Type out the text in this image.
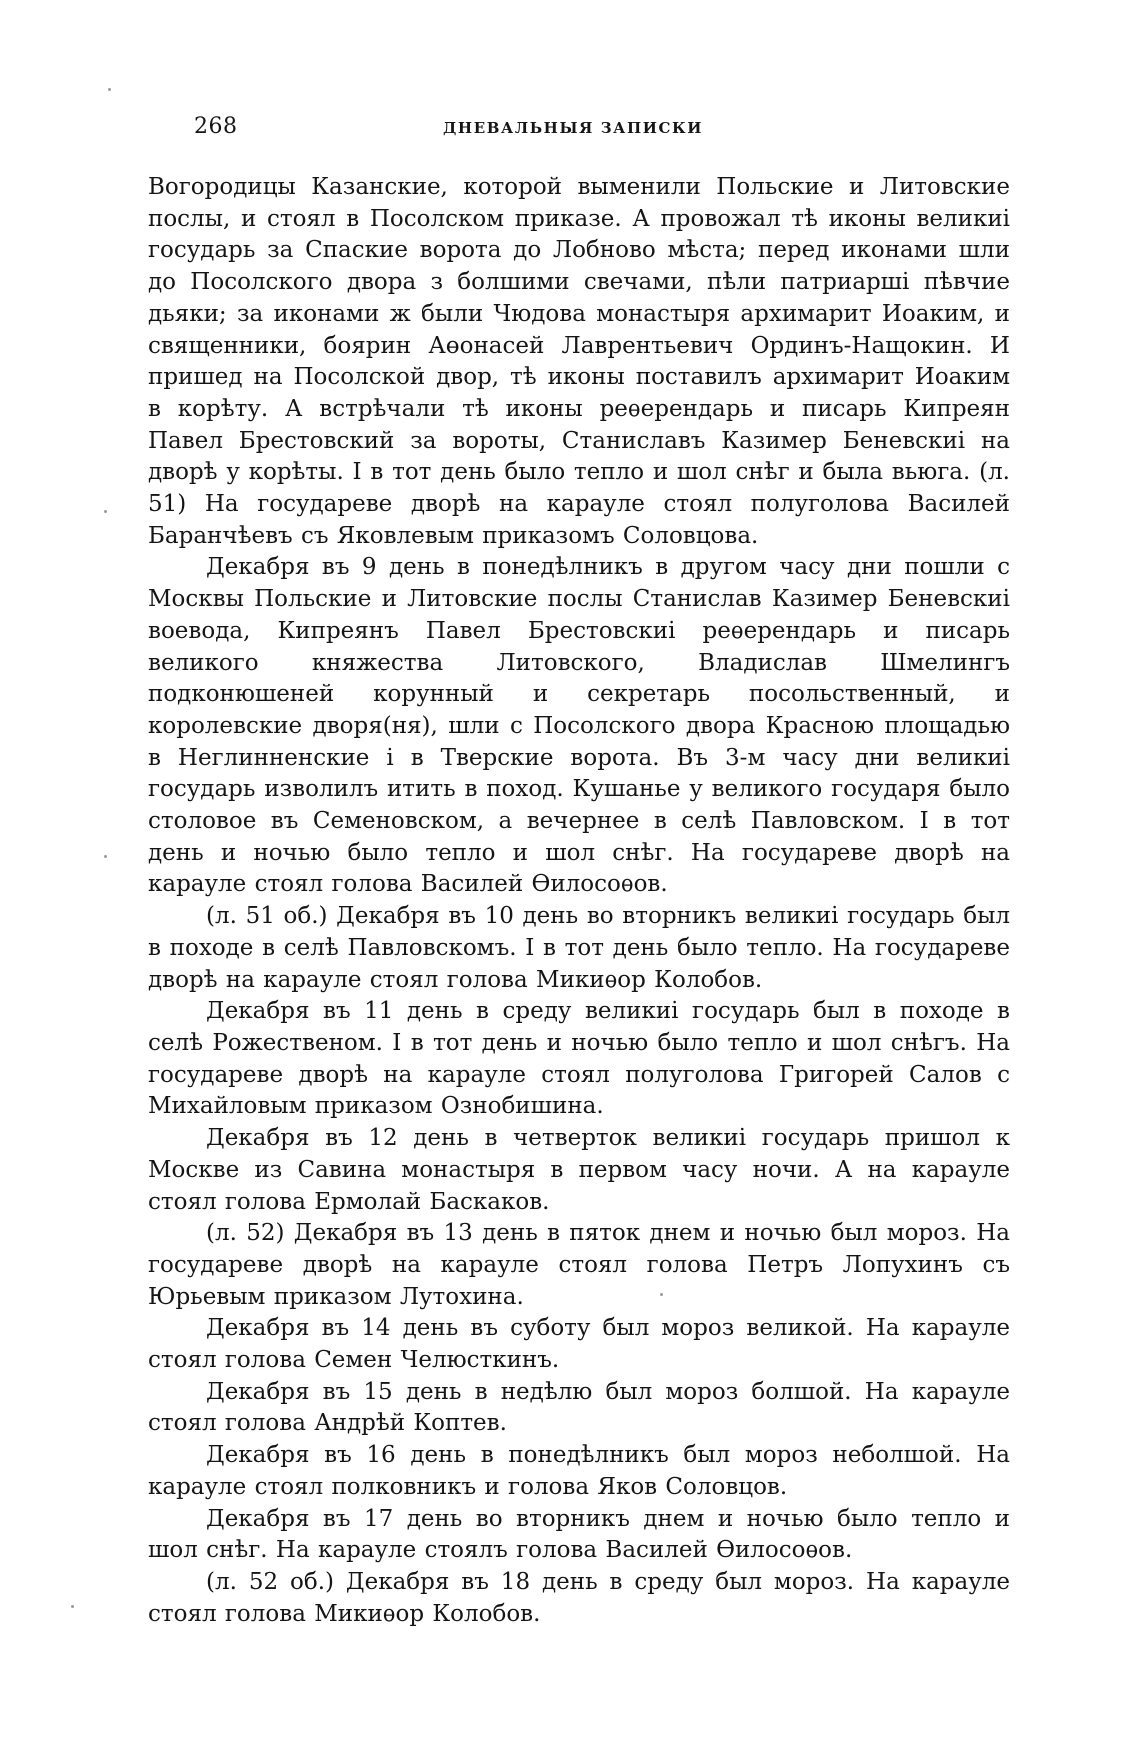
268	ДНЕВАЛЬНЫЯ ЗАПИСКИ

Вогородицы Казанские, которой выменили Польские и Литовские послы, и стоял в Посолском приказе. А провожал тѣ иконы великиі государь за Спаские ворота до Лобново мѣста; перед иконами шли до Посолского двора з болшими свечами, пѣли патриаршi пѣвчие дьяки; за иконами ж были Чюдова монастыря архимарит Иоаким, и священники, боярин Аөонасей Лаврентьевич Ординъ-Нащокин. И пришед на Посолской двор, тѣ иконы поставилъ архимарит Иоаким в корѣту. А встрѣчали тѣ иконы реѳерендарь и писарь Кипреян Павел Брестовский за вороты, Станиславъ Казимер Беневскиі на дворѣ у корѣты. І в тот день было тепло и шол снѣг и была вьюга. (л. 51) На государеве дворѣ на карауле стоял полуголова Василей Баранчѣевъ съ Яковлевым приказомъ Соловцова.

Декабря въ 9 день в понедѣлникъ в другом часу дни пошли с Москвы Польские и Литовские послы Станислав Казимер Беневскиі воевода, Кипреянъ Павел Брестовскиі реѳерендарь и писарь великого княжества Литовского, Владислав Шмелингъ подконюшеней корунный и секретарь посольственный, и королевские дворя(ня), шли с Посолского двора Красною площадью в Неглинненские і в Тверские ворота. Въ 3-м часу дни великиі государь изволилъ итить в поход. Кушанье у великого государя было столовое въ Семеновском, а вечернее в селѣ Павловском. І в тот день и ночью было тепло и шол снѣг. На государеве дворѣ на карауле стоял голова Василей Өилосоѳов.

(л. 51 об.) Декабря въ 10 день во вторникъ великиі государь был в походе в селѣ Павловскомъ. І в тот день было тепло. На государеве дворѣ на карауле стоял голова Микиѳор Колобов.

Декабря въ 11 день в среду великиі государь был в походе в селѣ Рожественом. І в тот день и ночью было тепло и шол снѣгъ. На государеве дворѣ на карауле стоял полуголова Григорей Салов с Михайловым приказом Ознобишина.

Декабря въ 12 день в четверток великиі государь пришол к Москве из Савина монастыря в первом часу ночи. А на карауле стоял голова Ермолай Баскаков.

(л. 52) Декабря въ 13 день в пяток днем и ночью был мороз. На государеве дворѣ на карауле стоял голова Петръ Лопухинъ съ Юрьевым приказом Лутохина.

Декабря въ 14 день въ суботу был мороз великой. На карауле стоял голова Семен Челюсткинъ.

Декабря въ 15 день в недѣлю был мороз болшой. На карауле стоял голова Андрѣй Коптев.

Декабря въ 16 день в понедѣлникъ был мороз неболшой. На карауле стоял полковникъ и голова Яков Соловцов.

Декабря въ 17 день во вторникъ днем и ночью было тепло и шол снѣг. На карауле стоялъ голова Василей Өилосоѳов.

(л. 52 об.) Декабря въ 18 день в среду был мороз. На карауле стоял голова Микиѳор Колобов.
